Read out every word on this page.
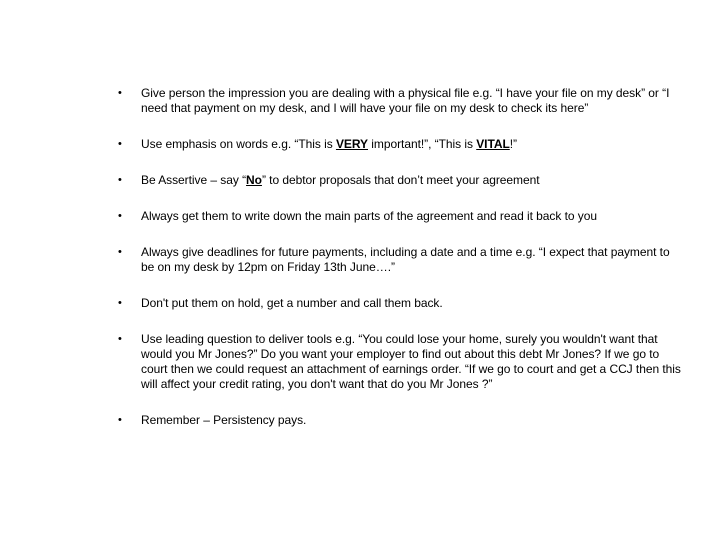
• Give person the impression you are dealing with a physical file e.g. “I have your file on my desk” or “I need that payment on my desk, and I will have your file on my desk to check its here”
• Use emphasis on words e.g. “This is VERY important!”, “This is VITAL!”
• Be Assertive – say “No” to debtor proposals that don’t meet your agreement
• Always get them to write down the main parts of the agreement and read it back to you
• Always give deadlines for future payments, including a date and a time e.g. “I expect that payment to be on my desk by 12pm on Friday 13th June….”
• Don't put them on hold, get a number and call them back.
• Use leading question to deliver tools e.g. “You could lose your home, surely you wouldn't want that would you Mr Jones?” Do you want your employer to find out about this debt Mr Jones? If we go to court then we could request an attachment of earnings order. “If we go to court and get a CCJ then this will affect your credit rating, you don't want that do you Mr Jones ?”
• Remember – Persistency pays.
